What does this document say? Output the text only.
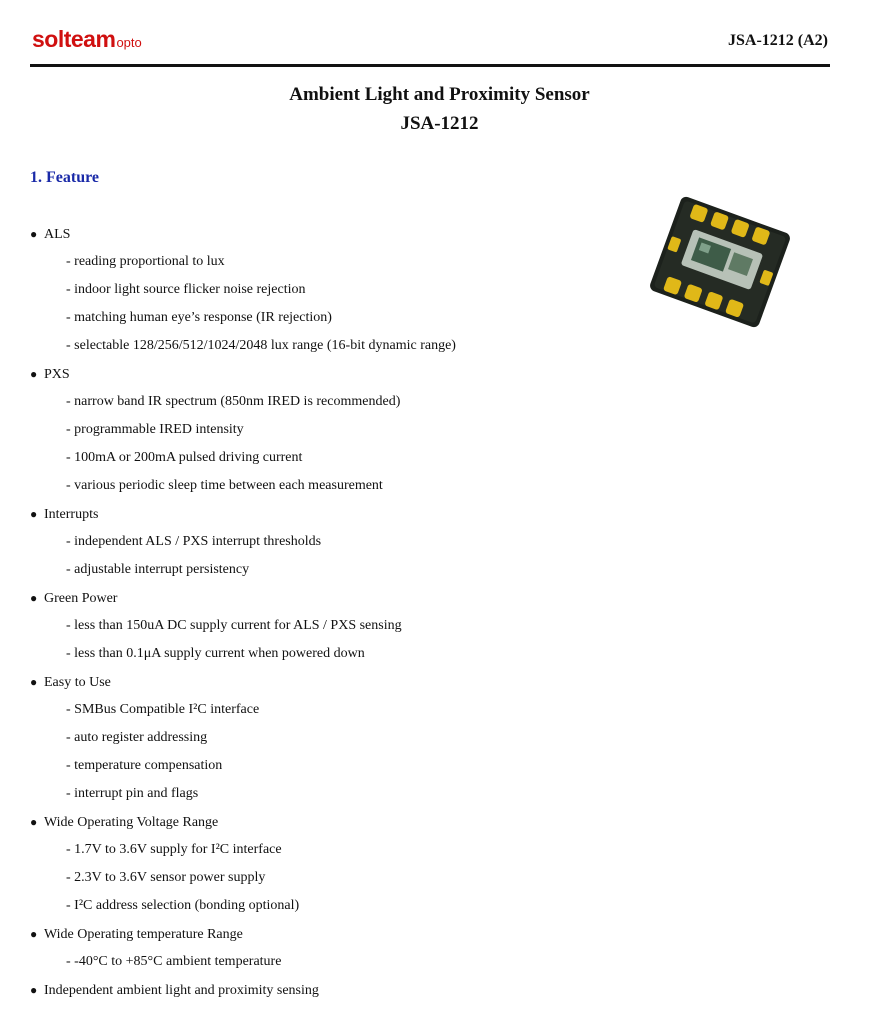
solteamopto	JSA-1212 (A2)
Ambient Light and Proximity Sensor
JSA-1212
1. Feature
● ALS
- reading proportional to lux
- indoor light source flicker noise rejection
- matching human eye’s response (IR rejection)
- selectable 128/256/512/1024/2048 lux range (16-bit dynamic range)
● PXS
- narrow band IR spectrum (850nm IRED is recommended)
- programmable IRED intensity
- 100mA or 200mA pulsed driving current
- various periodic sleep time between each measurement
● Interrupts
- independent ALS / PXS interrupt thresholds
- adjustable interrupt persistency
● Green Power
- less than 150uA DC supply current for ALS / PXS sensing
- less than 0.1μA supply current when powered down
● Easy to Use
- SMBus Compatible I²C interface
- auto register addressing
- temperature compensation
- interrupt pin and flags
● Wide Operating Voltage Range
- 1.7V to 3.6V supply for I²C interface
- 2.3V to 3.6V sensor power supply
- I²C address selection (bonding optional)
● Wide Operating temperature Range
- -40°C to +85°C ambient temperature
● Independent ambient light and proximity sensing
